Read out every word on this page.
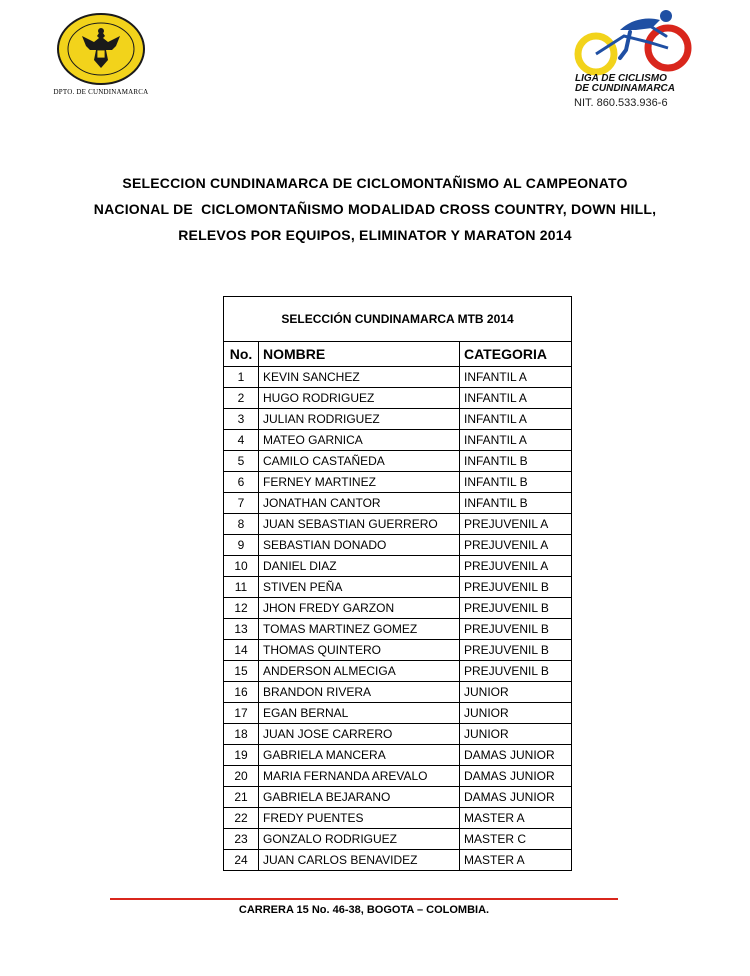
DPTO. DE CUNDINAMARCA
LIGA DE CICLISMO
DE CUNDINAMARCA
NIT. 860.533.936-6
SELECCION CUNDINAMARCA DE CICLOMONTAÑISMO AL CAMPEONATO
NACIONAL DE  CICLOMONTAÑISMO MODALIDAD CROSS COUNTRY, DOWN HILL,
RELEVOS POR EQUIPOS, ELIMINATOR Y MARATON 2014
SELECCIÓN CUNDINAMARCA MTB 2014		
No.	NOMBRE	CATEGORIA
1	KEVIN SANCHEZ	INFANTIL A
2	HUGO RODRIGUEZ	INFANTIL A
3	JULIAN RODRIGUEZ	INFANTIL A
4	MATEO GARNICA	INFANTIL A
5	CAMILO CASTAÑEDA	INFANTIL B
6	FERNEY MARTINEZ	INFANTIL B
7	JONATHAN CANTOR	INFANTIL B
8	JUAN SEBASTIAN GUERRERO	PREJUVENIL A
9	SEBASTIAN DONADO	PREJUVENIL A
10	DANIEL DIAZ	PREJUVENIL A
11	STIVEN PEÑA	PREJUVENIL B
12	JHON FREDY GARZON	PREJUVENIL B
13	TOMAS MARTINEZ GOMEZ	PREJUVENIL B
14	THOMAS QUINTERO	PREJUVENIL B
15	ANDERSON ALMECIGA	PREJUVENIL B
16	BRANDON RIVERA	JUNIOR
17	EGAN BERNAL	JUNIOR
18	JUAN JOSE CARRERO	JUNIOR
19	GABRIELA MANCERA	DAMAS JUNIOR
20	MARIA FERNANDA AREVALO	DAMAS JUNIOR
21	GABRIELA BEJARANO	DAMAS JUNIOR
22	FREDY PUENTES	MASTER A
23	GONZALO RODRIGUEZ	MASTER C
24	JUAN CARLOS BENAVIDEZ	MASTER A
CARRERA 15 No. 46-38, BOGOTA – COLOMBIA.
